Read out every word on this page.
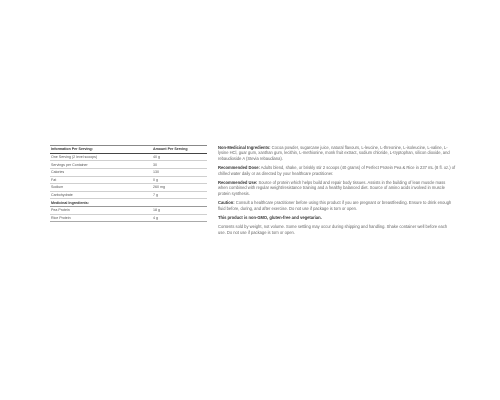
Information Per Serving:	Amount Per Serving
One Serving (2 level scoops)	40 g
Servings per Container	30
Calories	130
Fat	0 g
Sodium	260 mg
Carbohydrate	7 g
Medicinal Ingredients:	
Pea Protein	18 g
Rice Protein	4 g

Non-Medicinal Ingredients: Cocoa powder, sugarcane juice, natural flavours, L-leucine, L-threonine, L-isoleucine, L-valine, L-lysine HCl, guar gum, xanthan gum, lecithin, L-methionine, monk fruit extract, sodium chloride, L-tryptophan, silicon dioxide, and rebaudioside A (Stevia rebaudiana).

Recommended Dose: Adults blend, shake, or briskly stir 2 scoops (40 grams) of Perfect Protein Pea & Rice in 237 mL (8 fl. oz.) of chilled water daily or as directed by your healthcare practitioner.

Recommended Use: Source of protein which helps build and repair body tissues. Assists in the building of lean muscle mass when combined with regular weight/resistance training and a healthy balanced diet. Source of amino acids involved in muscle protein synthesis.

Caution: Consult a healthcare practitioner before using this product if you are pregnant or breastfeeding. Ensure to drink enough fluid before, during, and after exercise. Do not use if package is torn or open.

This product is non-GMO, gluten-free and vegetarian.

Contents sold by weight, not volume. Some settling may occur during shipping and handling. Shake container well before each use. Do not use if package is torn or open.
